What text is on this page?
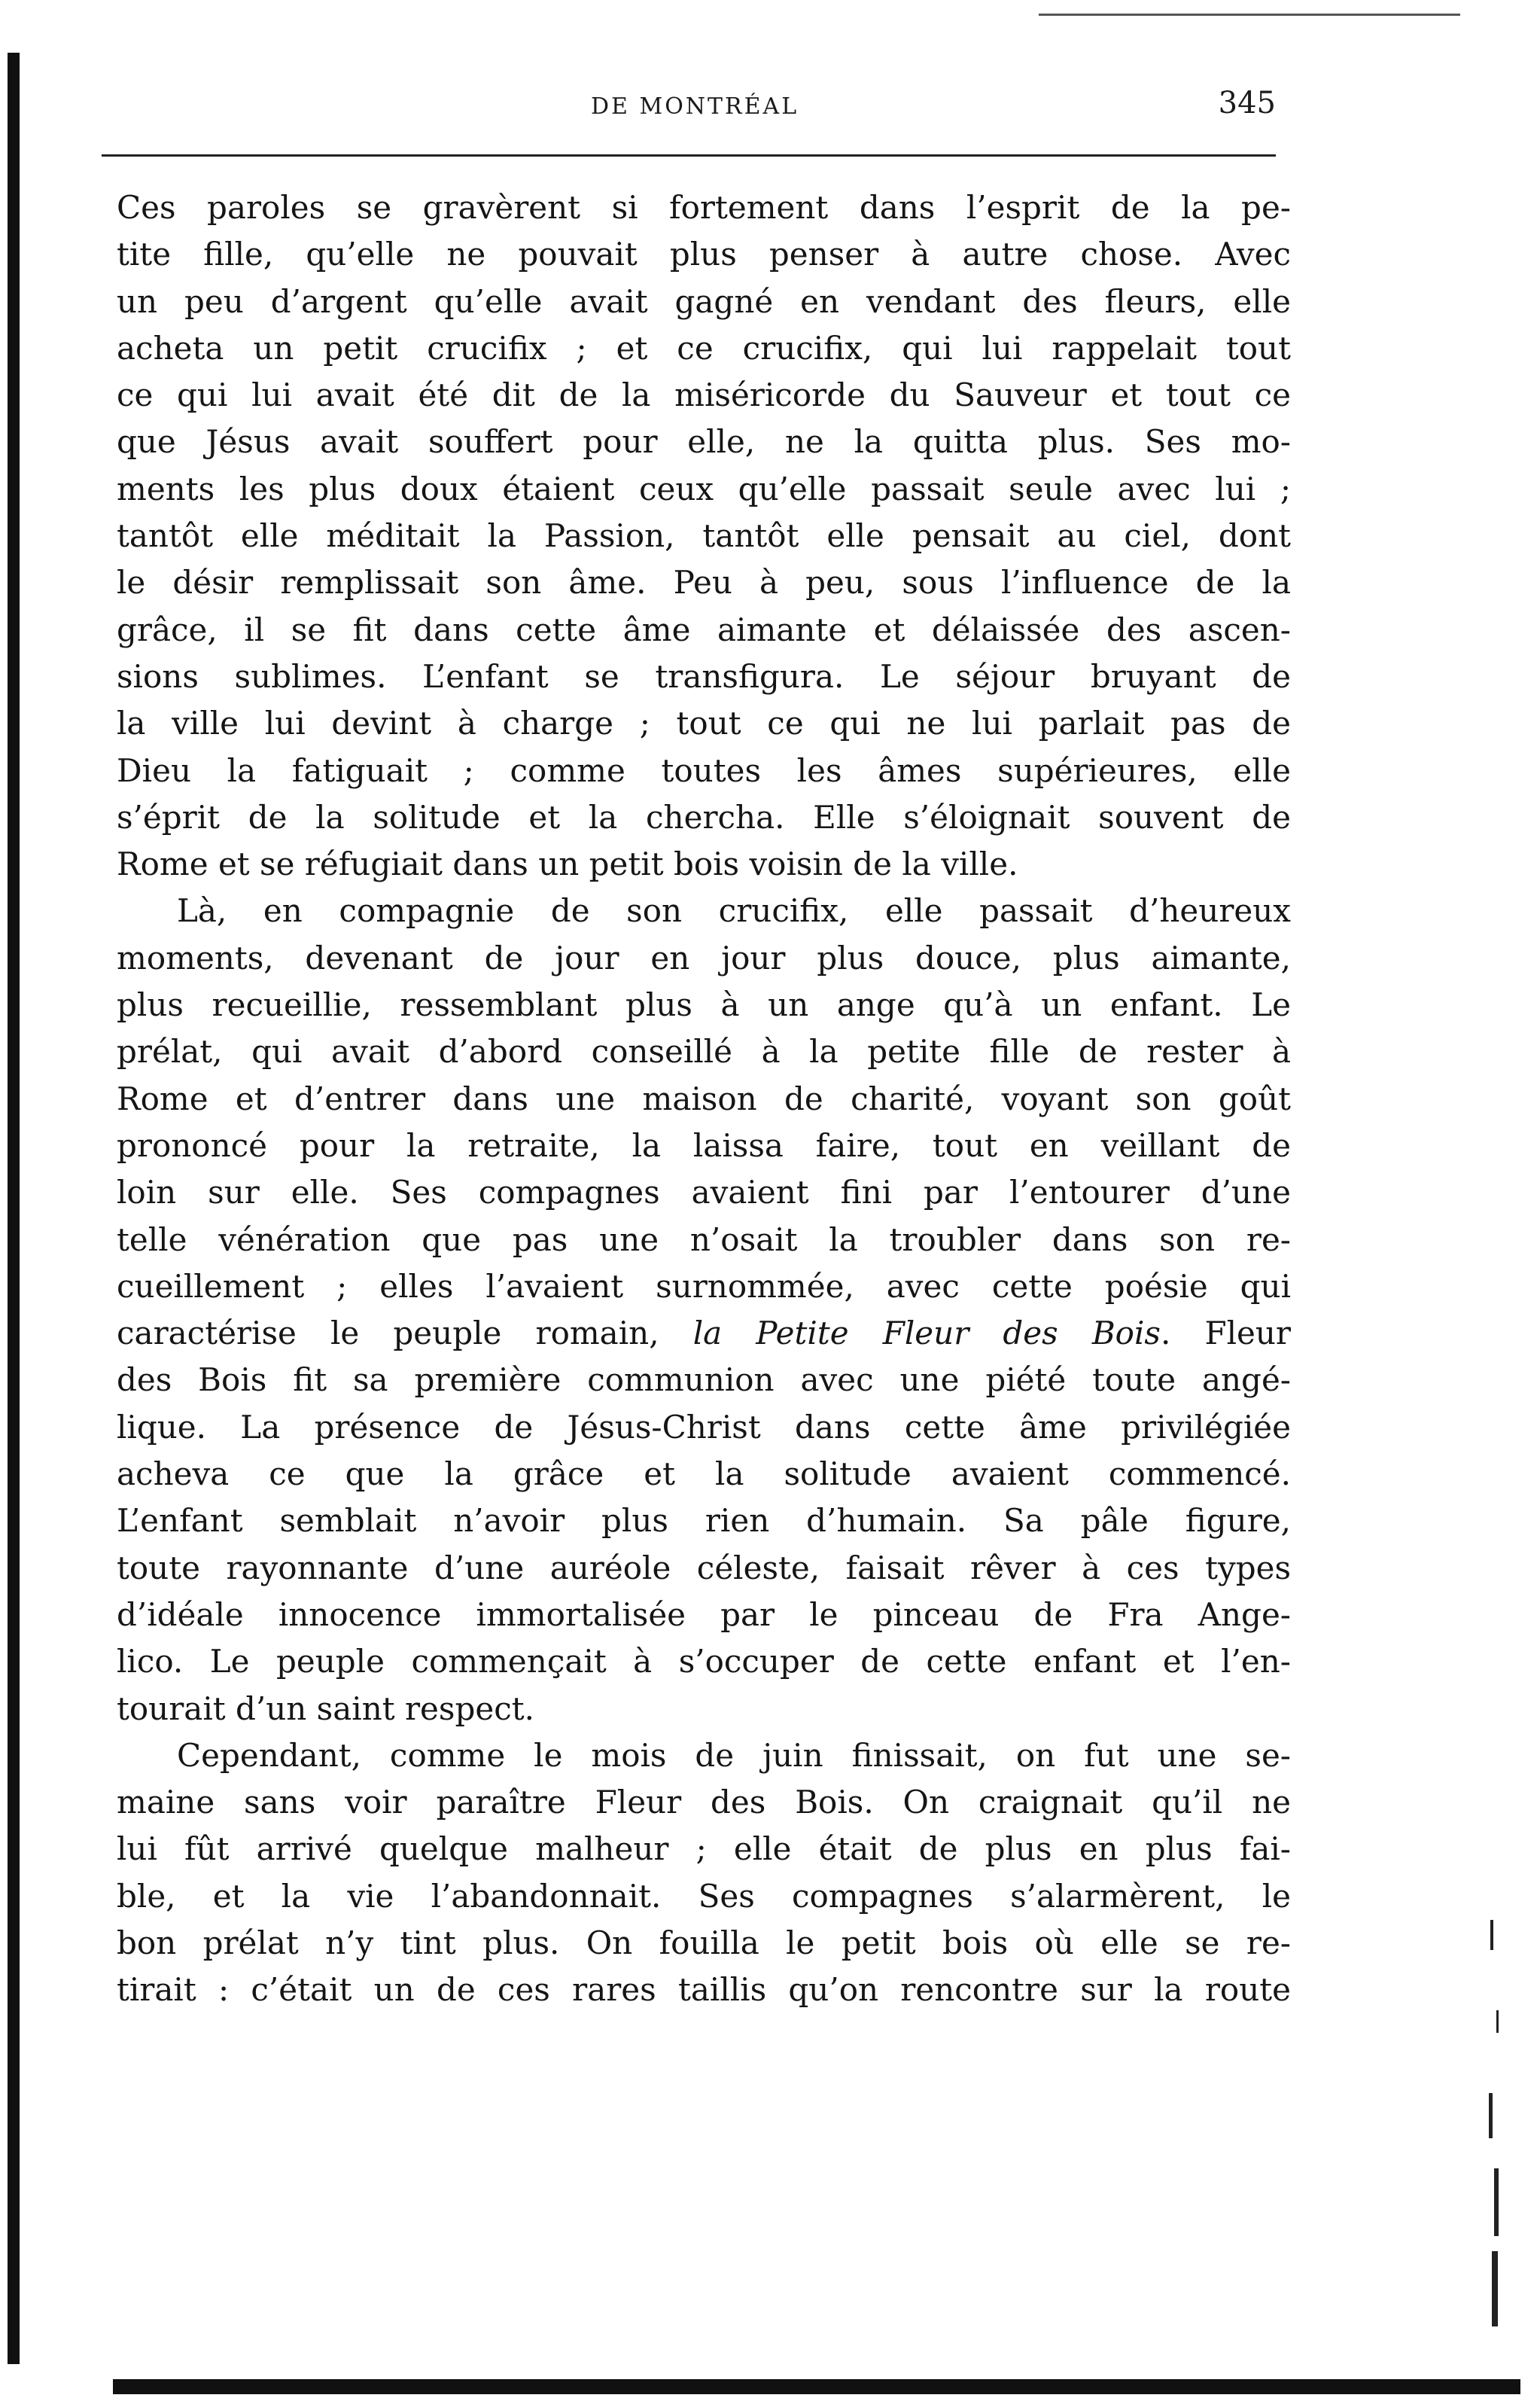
DE MONTRÉAL	345
Ces paroles se gravèrent si fortement dans l’esprit de la pe-
tite fille, qu’elle ne pouvait plus penser à autre chose. Avec
un peu d’argent qu’elle avait gagné en vendant des fleurs, elle
acheta un petit crucifix ; et ce crucifix, qui lui rappelait tout
ce qui lui avait été dit de la miséricorde du Sauveur et tout ce
que Jésus avait souffert pour elle, ne la quitta plus. Ses mo-
ments les plus doux étaient ceux qu’elle passait seule avec lui ;
tantôt elle méditait la Passion, tantôt elle pensait au ciel, dont
le désir remplissait son âme. Peu à peu, sous l’influence de la
grâce, il se fit dans cette âme aimante et délaissée des ascen-
sions sublimes. L’enfant se transfigura. Le séjour bruyant de
la ville lui devint à charge ; tout ce qui ne lui parlait pas de
Dieu la fatiguait ; comme toutes les âmes supérieures, elle
s’éprit de la solitude et la chercha. Elle s’éloignait souvent de
Rome et se réfugiait dans un petit bois voisin de la ville.
Là, en compagnie de son crucifix, elle passait d’heureux
moments, devenant de jour en jour plus douce, plus aimante,
plus recueillie, ressemblant plus à un ange qu’à un enfant. Le
prélat, qui avait d’abord conseillé à la petite fille de rester à
Rome et d’entrer dans une maison de charité, voyant son goût
prononcé pour la retraite, la laissa faire, tout en veillant de
loin sur elle. Ses compagnes avaient fini par l’entourer d’une
telle vénération que pas une n’osait la troubler dans son re-
cueillement ; elles l’avaient surnommée, avec cette poésie qui
caractérise le peuple romain, la Petite Fleur des Bois. Fleur
des Bois fit sa première communion avec une piété toute angé-
lique. La présence de Jésus-Christ dans cette âme privilégiée
acheva ce que la grâce et la solitude avaient commencé.
L’enfant semblait n’avoir plus rien d’humain. Sa pâle figure,
toute rayonnante d’une auréole céleste, faisait rêver à ces types
d’idéale innocence immortalisée par le pinceau de Fra Ange-
lico. Le peuple commençait à s’occuper de cette enfant et l’en-
tourait d’un saint respect.
Cependant, comme le mois de juin finissait, on fut une se-
maine sans voir paraître Fleur des Bois. On craignait qu’il ne
lui fût arrivé quelque malheur ; elle était de plus en plus fai-
ble, et la vie l’abandonnait. Ses compagnes s’alarmèrent, le
bon prélat n’y tint plus. On fouilla le petit bois où elle se re-
tirait : c’était un de ces rares taillis qu’on rencontre sur la route
